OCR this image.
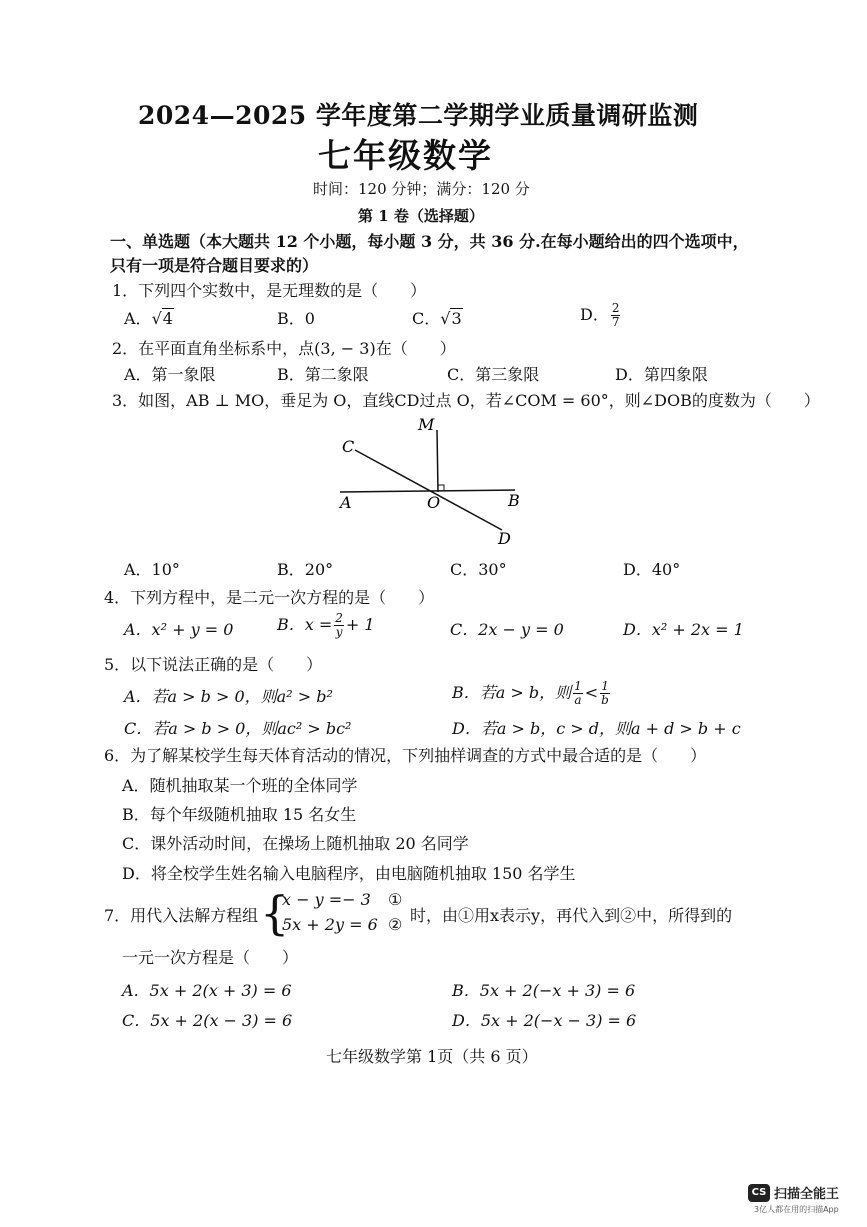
2024—2025 学年度第二学期学业质量调研监测
七年级数学
时间：120 分钟；满分：120 分
第 1 卷（选择题）
一、单选题（本大题共 12 个小题，每小题 3 分，共 36 分.在每小题给出的四个选项中，
只有一项是符合题目要求的）
1．下列四个实数中，是无理数的是（　　）
A．√4	B．0	C．√3	D． $\frac{2}{7}$
2．在平面直角坐标系中，点(3, − 3)在（　　）
A．第一象限	B．第二象限	C．第三象限	D．第四象限
3．如图，AB ⊥ MO，垂足为 O，直线CD过点 O，若∠COM = 60°，则∠DOB的度数为（　　）
M
C
A	O	B
D
A．10°	B．20°	C．30°	D．40°
4．下列方程中，是二元一次方程的是（　　）
A．x² + y = 0	B．$x = \frac{2}{y} + 1$	C．2x − y = 0	D．x² + 2x = 1
5．以下说法正确的是（　　）
A．若a > b > 0，则a² > b²	B．若a > b，则 $\frac{1}{a} < \frac{1}{b}$
C．若a > b > 0，则ac² > bc²	D．若a > b，c > d，则a + d > b + c
6．为了解某校学生每天体育活动的情况，下列抽样调查的方式中最合适的是（　　）
A．随机抽取某一个班的全体同学
B．每个年级随机抽取 15 名女生
C．课外活动时间，在操场上随机抽取 20 名同学
D．将全校学生姓名输入电脑程序，由电脑随机抽取 150 名学生
7．用代入法解方程组 {
x − y =− 3 ①
5x + 2y = 6 ② 时，由①用x表示y，再代入到②中，所得到的
一元一次方程是（　　）
A．5x + 2(x + 3) = 6	B．5x + 2(−x + 3) = 6
C．5x + 2(x − 3) = 6	D．5x + 2(−x − 3) = 6
七年级数学第 1页（共 6 页）
CS 扫描全能王
3亿人都在用的扫描App
